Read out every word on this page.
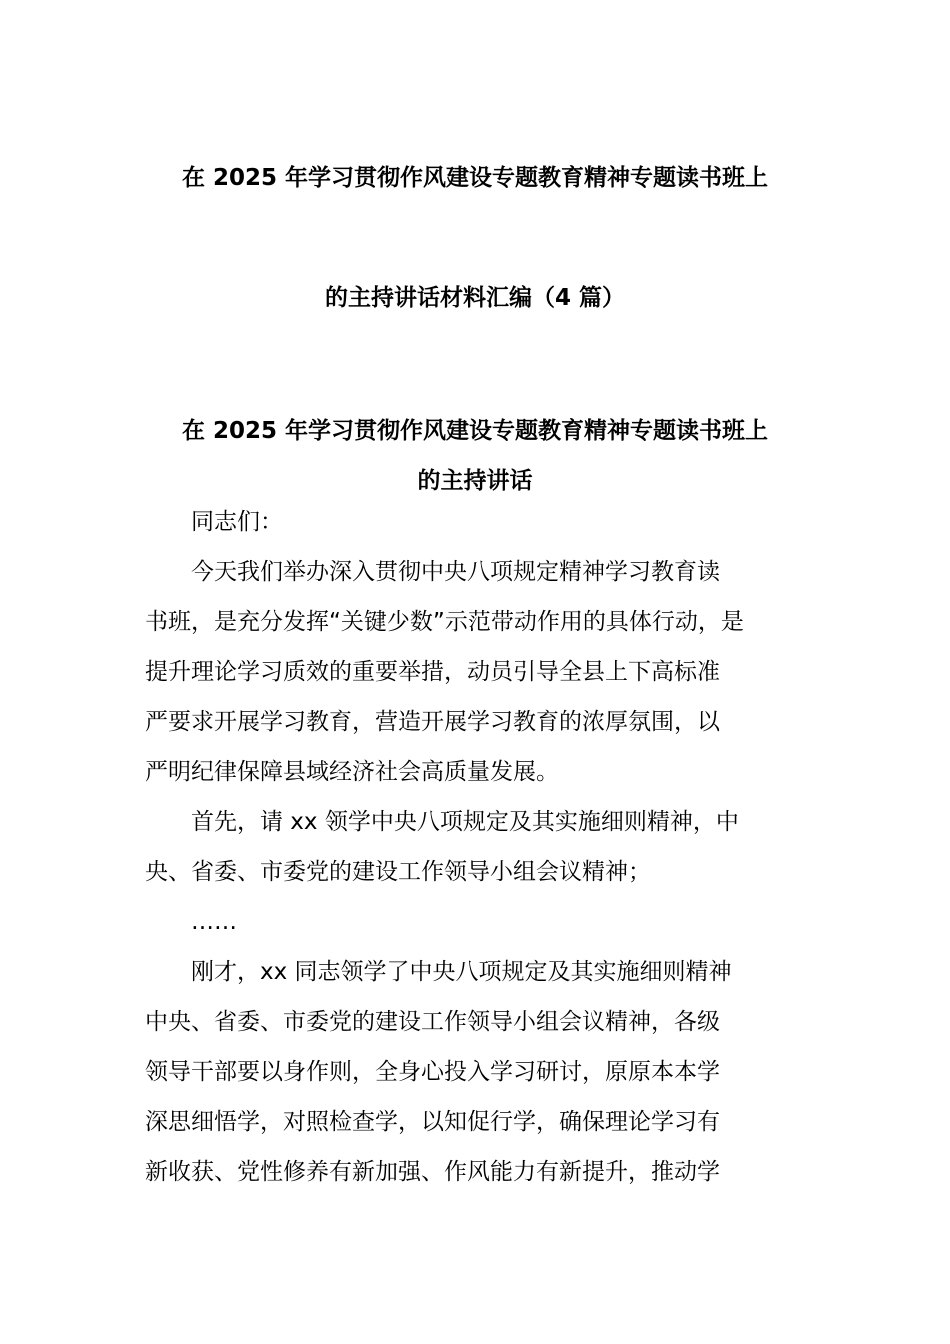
在 2025 年学习贯彻作风建设专题教育精神专题读书班上
的主持讲话材料汇编（4 篇）
在 2025 年学习贯彻作风建设专题教育精神专题读书班上
的主持讲话

同志们：

今天我们举办深入贯彻中央八项规定精神学习教育读
书班，是充分发挥“关键少数”示范带动作用的具体行动，是
提升理论学习质效的重要举措，动员引导全县上下高标准
严要求开展学习教育，营造开展学习教育的浓厚氛围，以
严明纪律保障县域经济社会高质量发展。

首先，请 xx 领学中央八项规定及其实施细则精神，中
央、省委、市委党的建设工作领导小组会议精神；

……

刚才，xx 同志领学了中央八项规定及其实施细则精神
中央、省委、市委党的建设工作领导小组会议精神，各级
领导干部要以身作则，全身心投入学习研讨，原原本本学
深思细悟学，对照检查学，以知促行学，确保理论学习有
新收获、党性修养有新加强、作风能力有新提升，推动学
